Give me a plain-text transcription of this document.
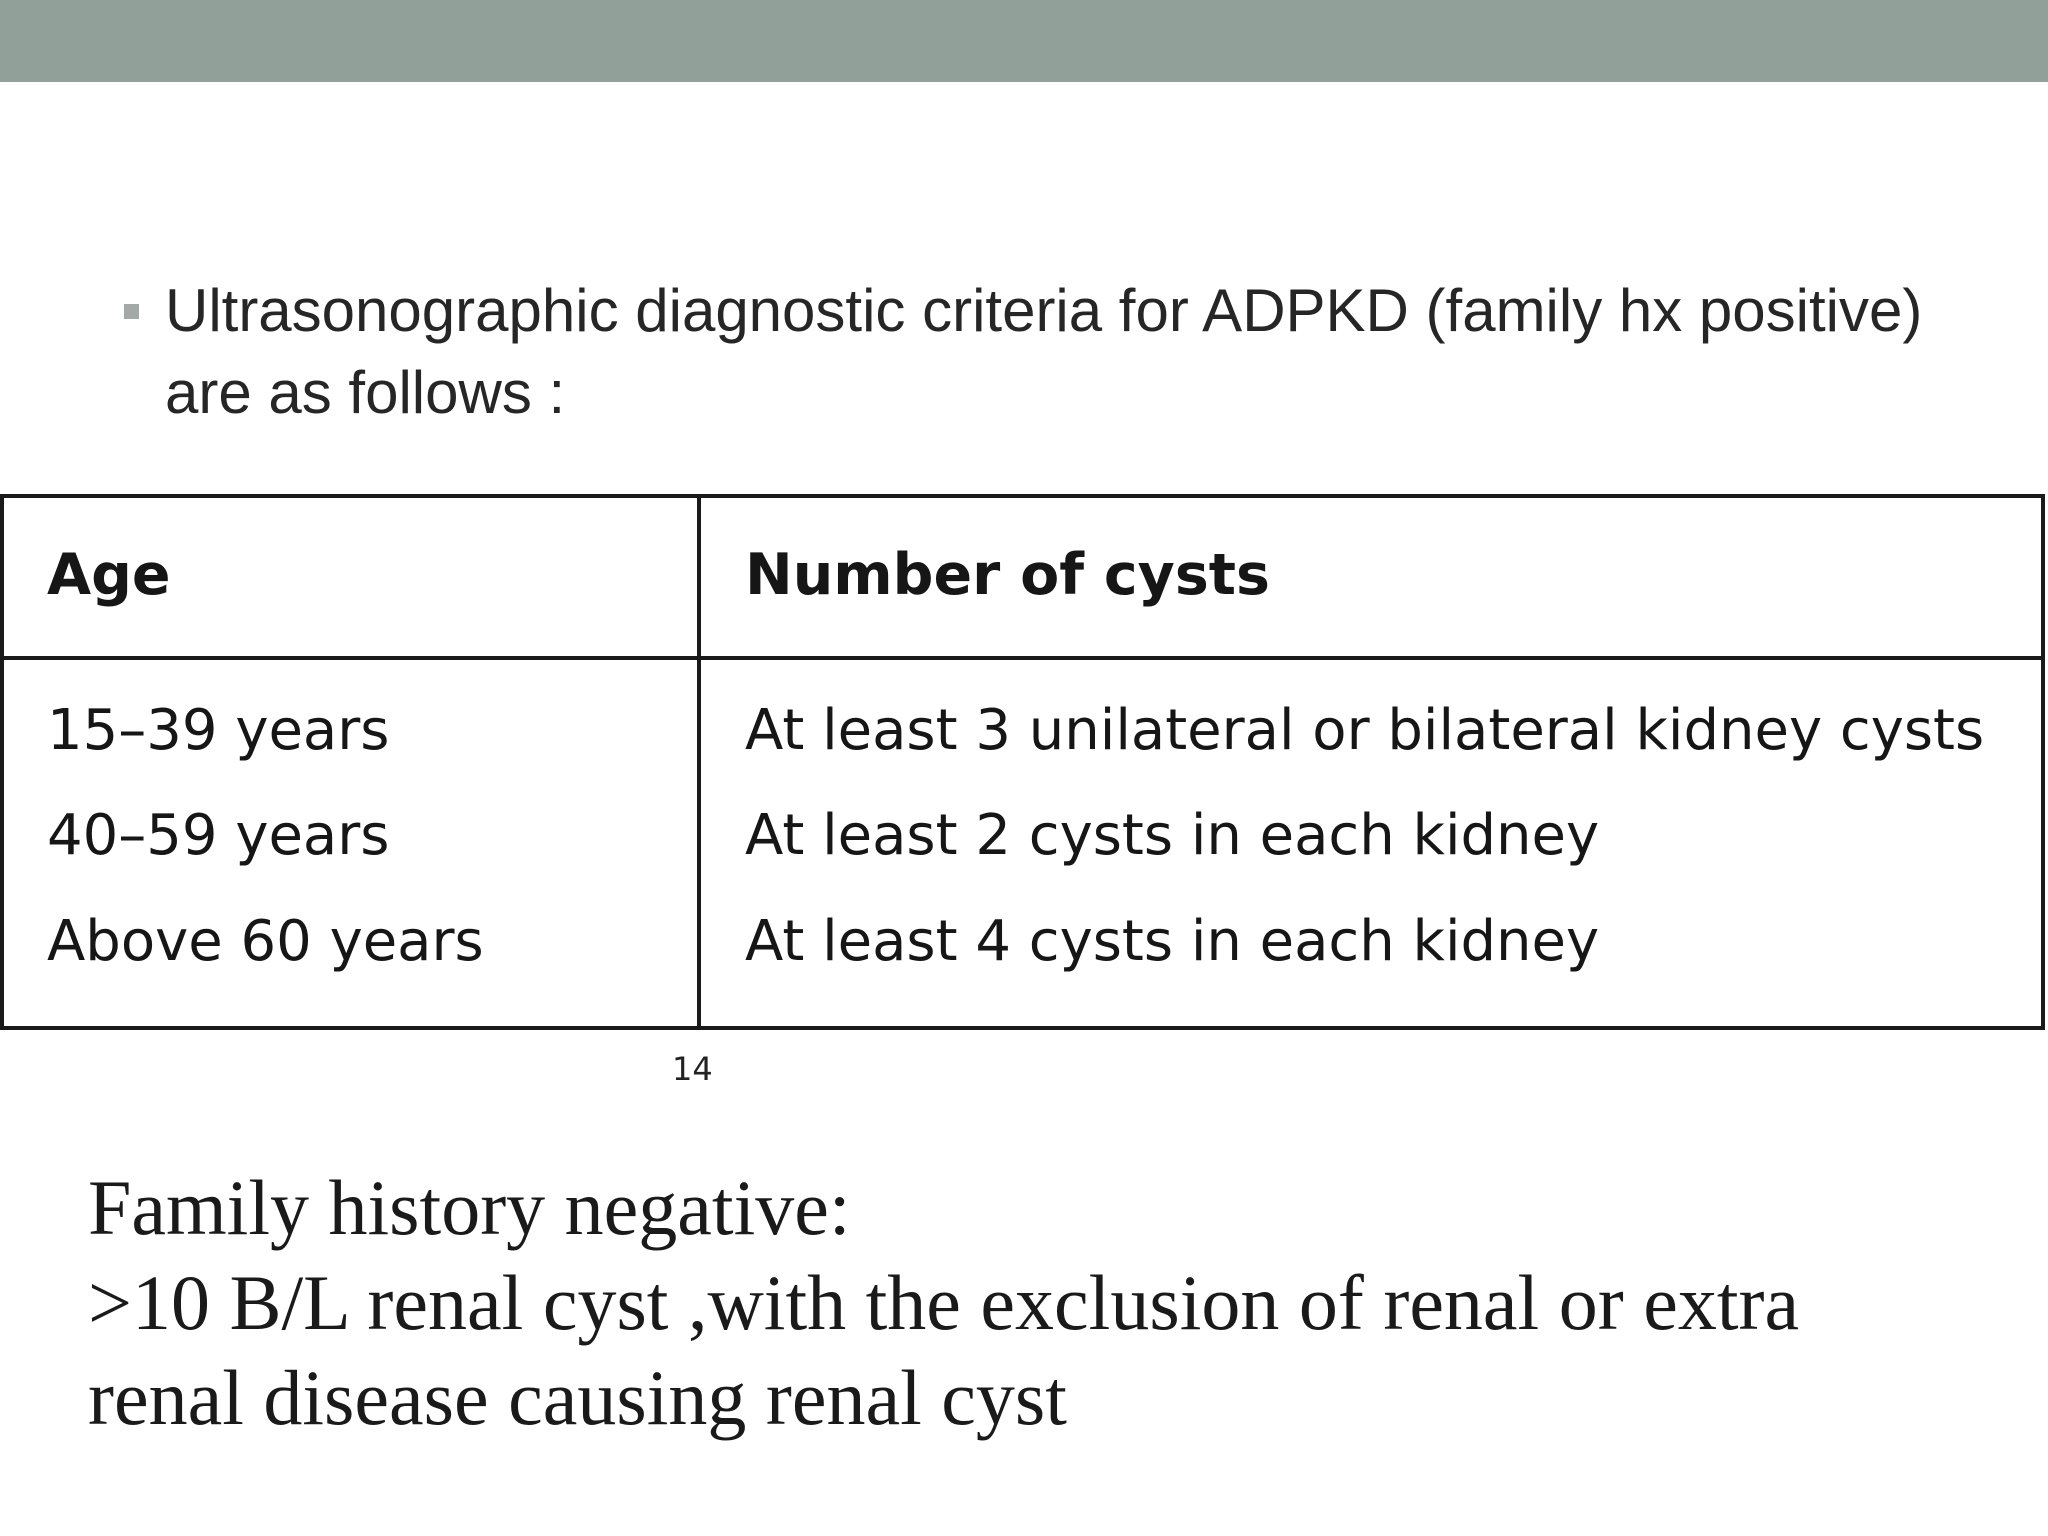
Ultrasonographic diagnostic criteria for ADPKD (family hx positive) are as follows :
Age	Number of cysts
15–39 years	At least 3 unilateral or bilateral kidney cysts
40–59 years	At least 2 cysts in each kidney
Above 60 years	At least 4 cysts in each kidney
14
Family history negative:
>10 B/L renal cyst ,with the exclusion of renal or extra
renal disease causing renal cyst
